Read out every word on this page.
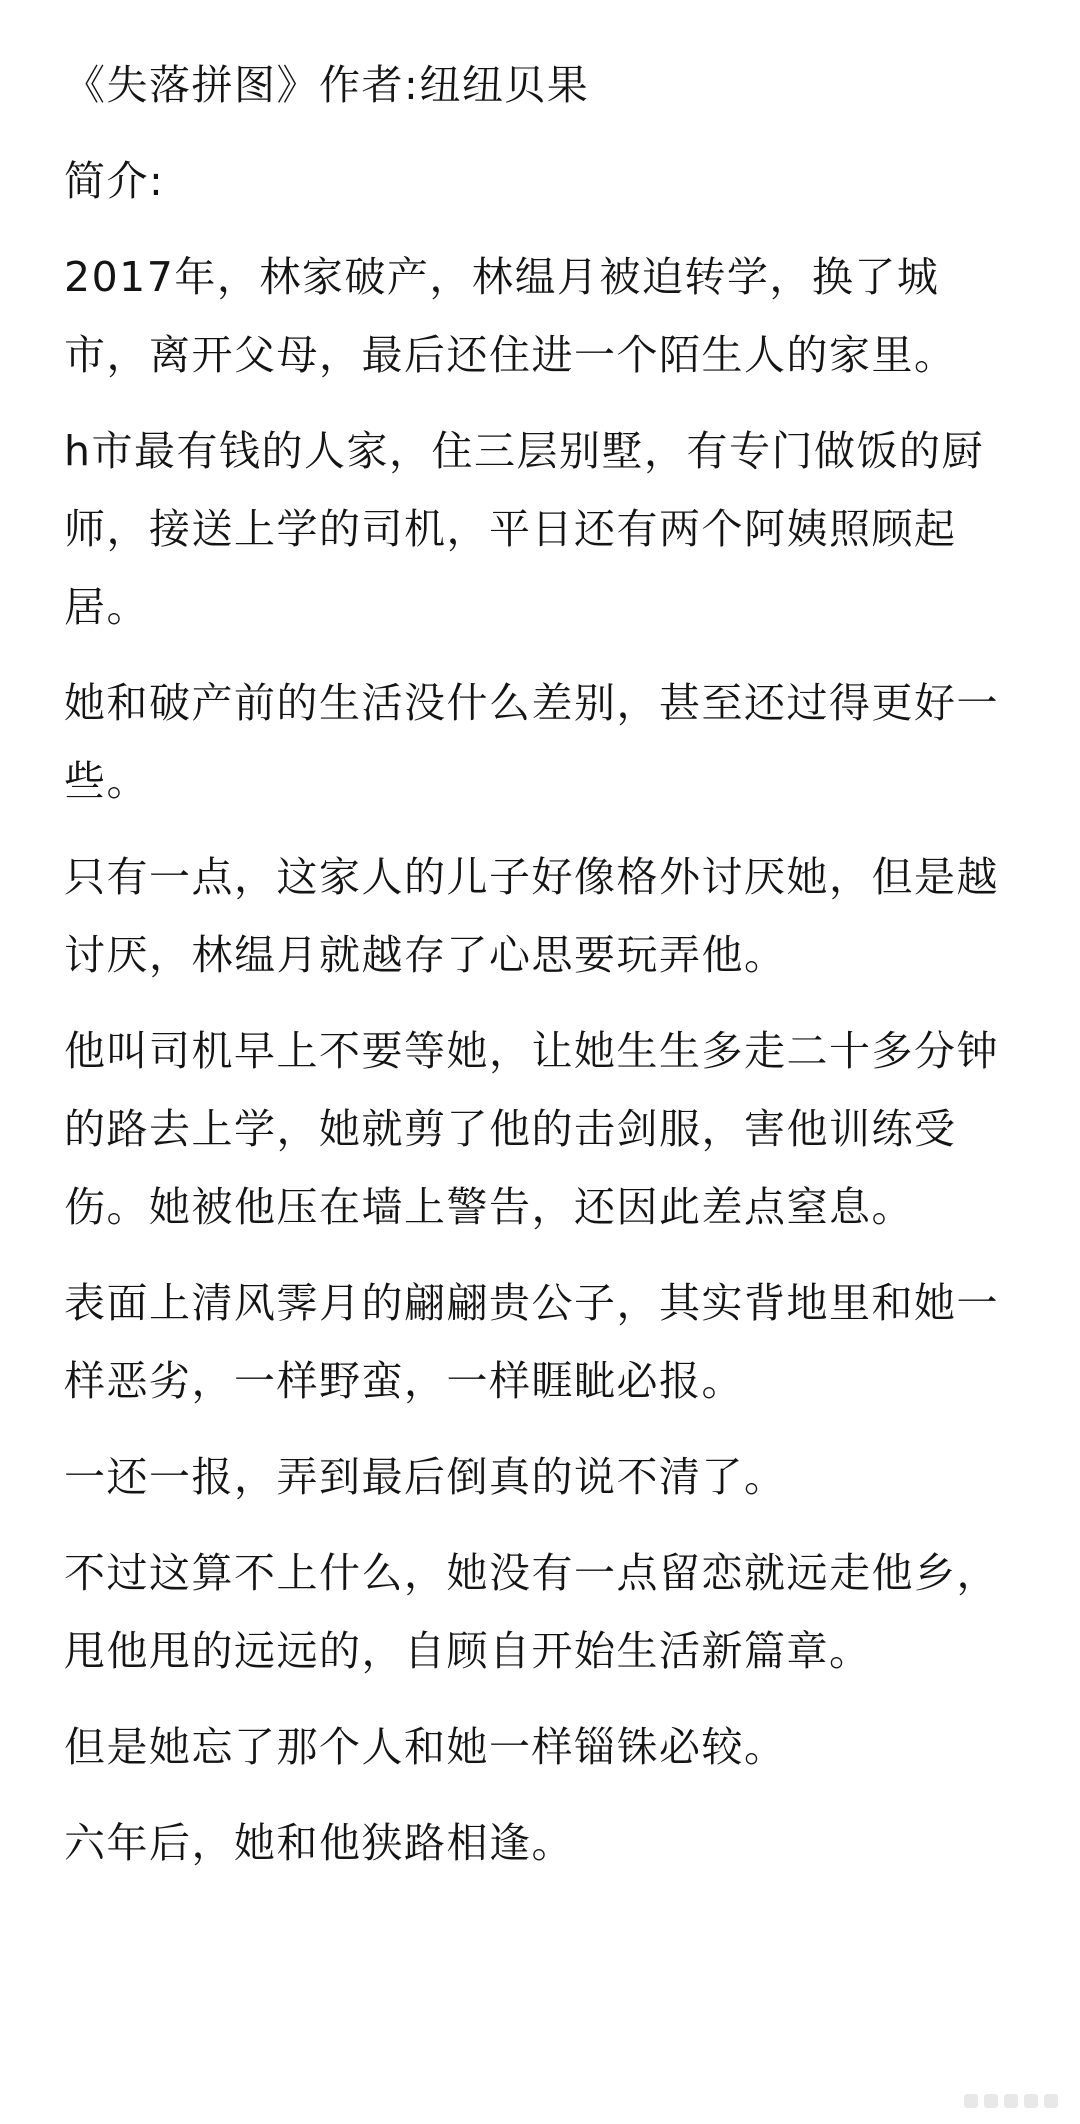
《失落拼图》作者:纽纽贝果

简介:

2017年，林家破产，林缊月被迫转学，换了城市，离开父母，最后还住进一个陌生人的家里。

h市最有钱的人家，住三层别墅，有专门做饭的厨师，接送上学的司机，平日还有两个阿姨照顾起居。

她和破产前的生活没什么差别，甚至还过得更好一些。

只有一点，这家人的儿子好像格外讨厌她，但是越讨厌，林缊月就越存了心思要玩弄他。

他叫司机早上不要等她，让她生生多走二十多分钟的路去上学，她就剪了他的击剑服，害他训练受伤。她被他压在墙上警告，还因此差点窒息。

表面上清风霁月的翩翩贵公子，其实背地里和她一样恶劣，一样野蛮，一样睚眦必报。

一还一报，弄到最后倒真的说不清了。

不过这算不上什么，她没有一点留恋就远走他乡，甩他甩的远远的，自顾自开始生活新篇章。

但是她忘了那个人和她一样锱铢必较。

六年后，她和他狭路相逢。
